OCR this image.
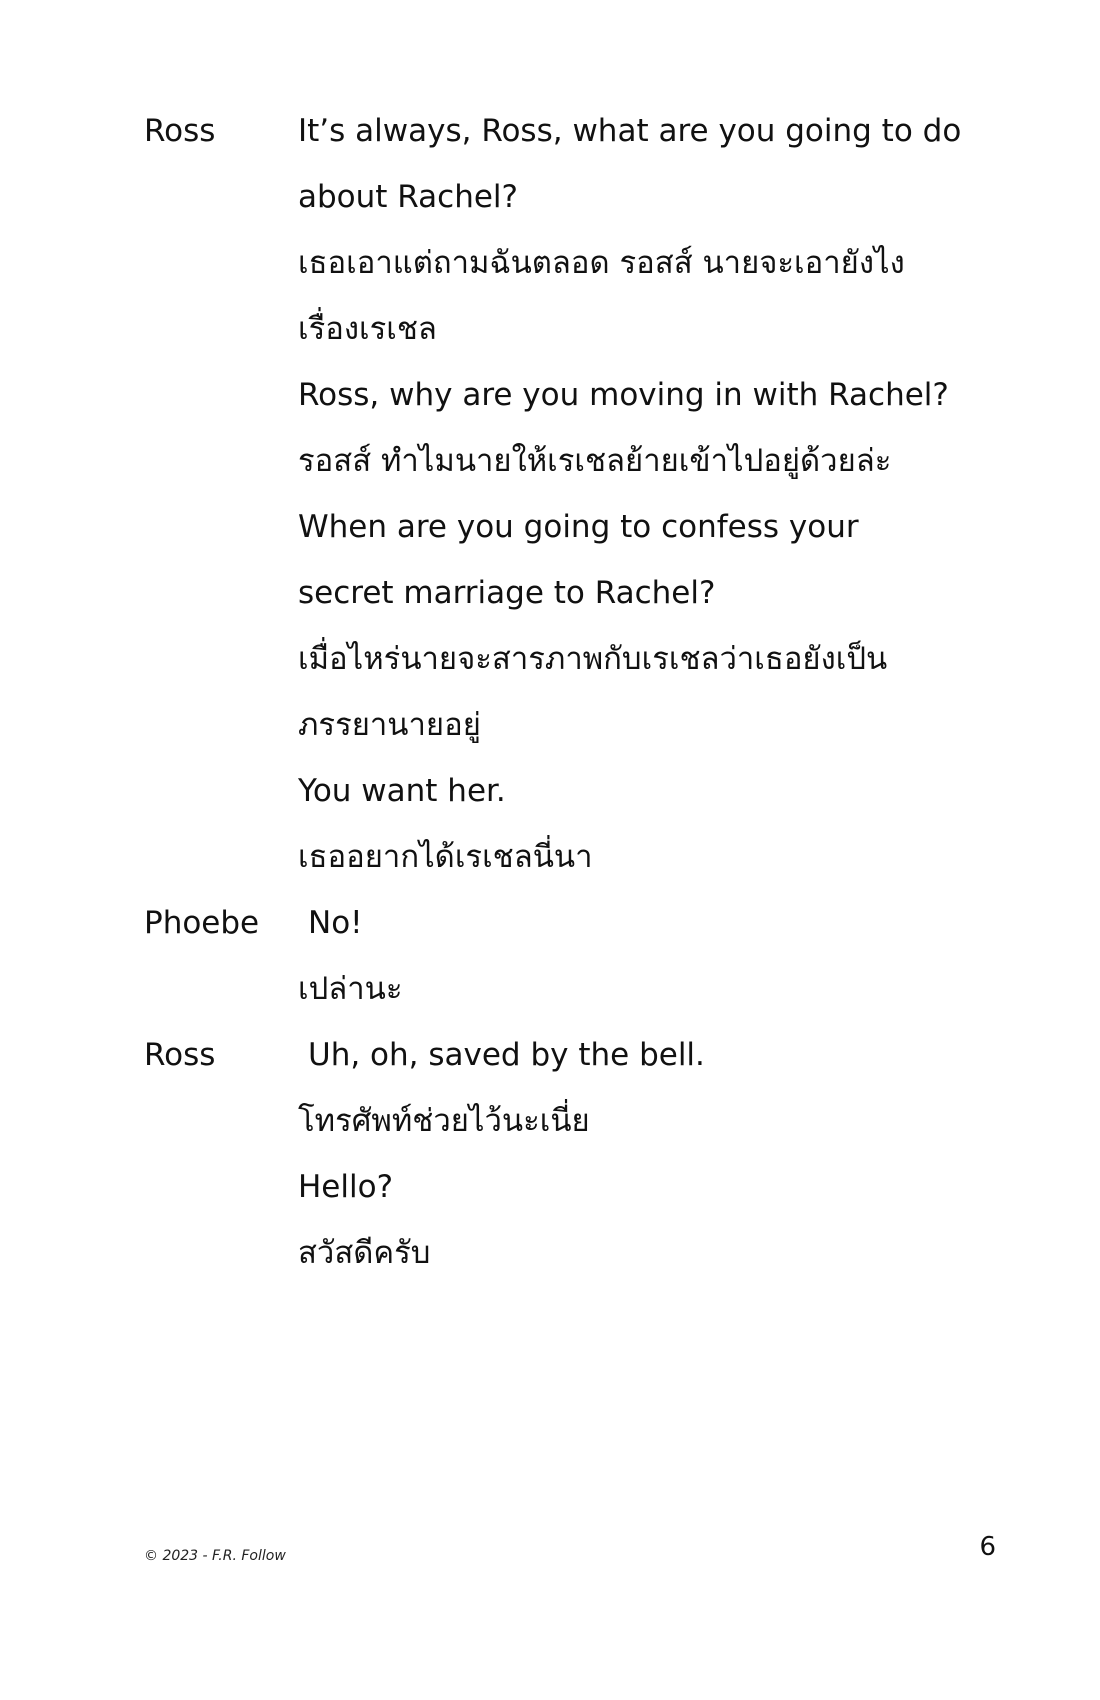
Ross	It’s always, Ross, what are you going to do
about Rachel?
เธอเอาแต่ถามฉันตลอด รอสส์ นายจะเอายังไง
เรื่องเรเชล
Ross, why are you moving in with Rachel?
รอสส์ ทำไมนายให้เรเชลย้ายเข้าไปอยู่ด้วยล่ะ
When are you going to confess your
secret marriage to Rachel?
เมื่อไหร่นายจะสารภาพกับเรเชลว่าเธอยังเป็น
ภรรยานายอยู่
You want her.
เธออยากได้เรเชลนี่นา
Phoebe	No!
เปล่านะ
Ross	Uh, oh, saved by the bell.
โทรศัพท์ช่วยไว้นะเนี่ย
Hello?
สวัสดีครับ
© 2023 - F.R. Follow	6
